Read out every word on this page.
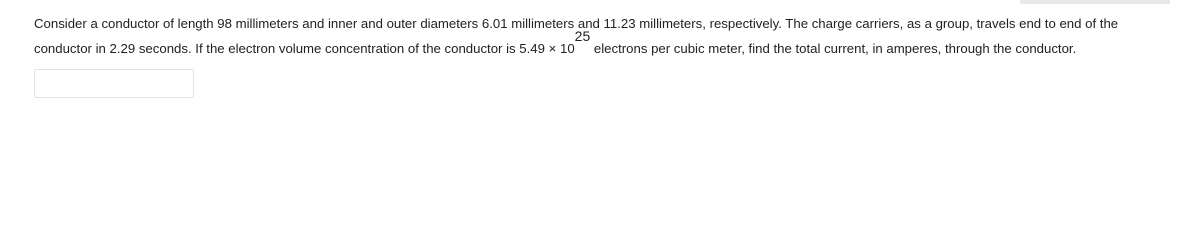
Consider a conductor of length 98 millimeters and inner and outer diameters 6.01 millimeters and 11.23 millimeters, respectively. The charge carriers, as a group, travels end to end of the
conductor in 2.29 seconds. If the electron volume concentration of the conductor is $5.49 \times 10^{25}$ electrons per cubic meter, find the total current, in amperes, through the conductor.
